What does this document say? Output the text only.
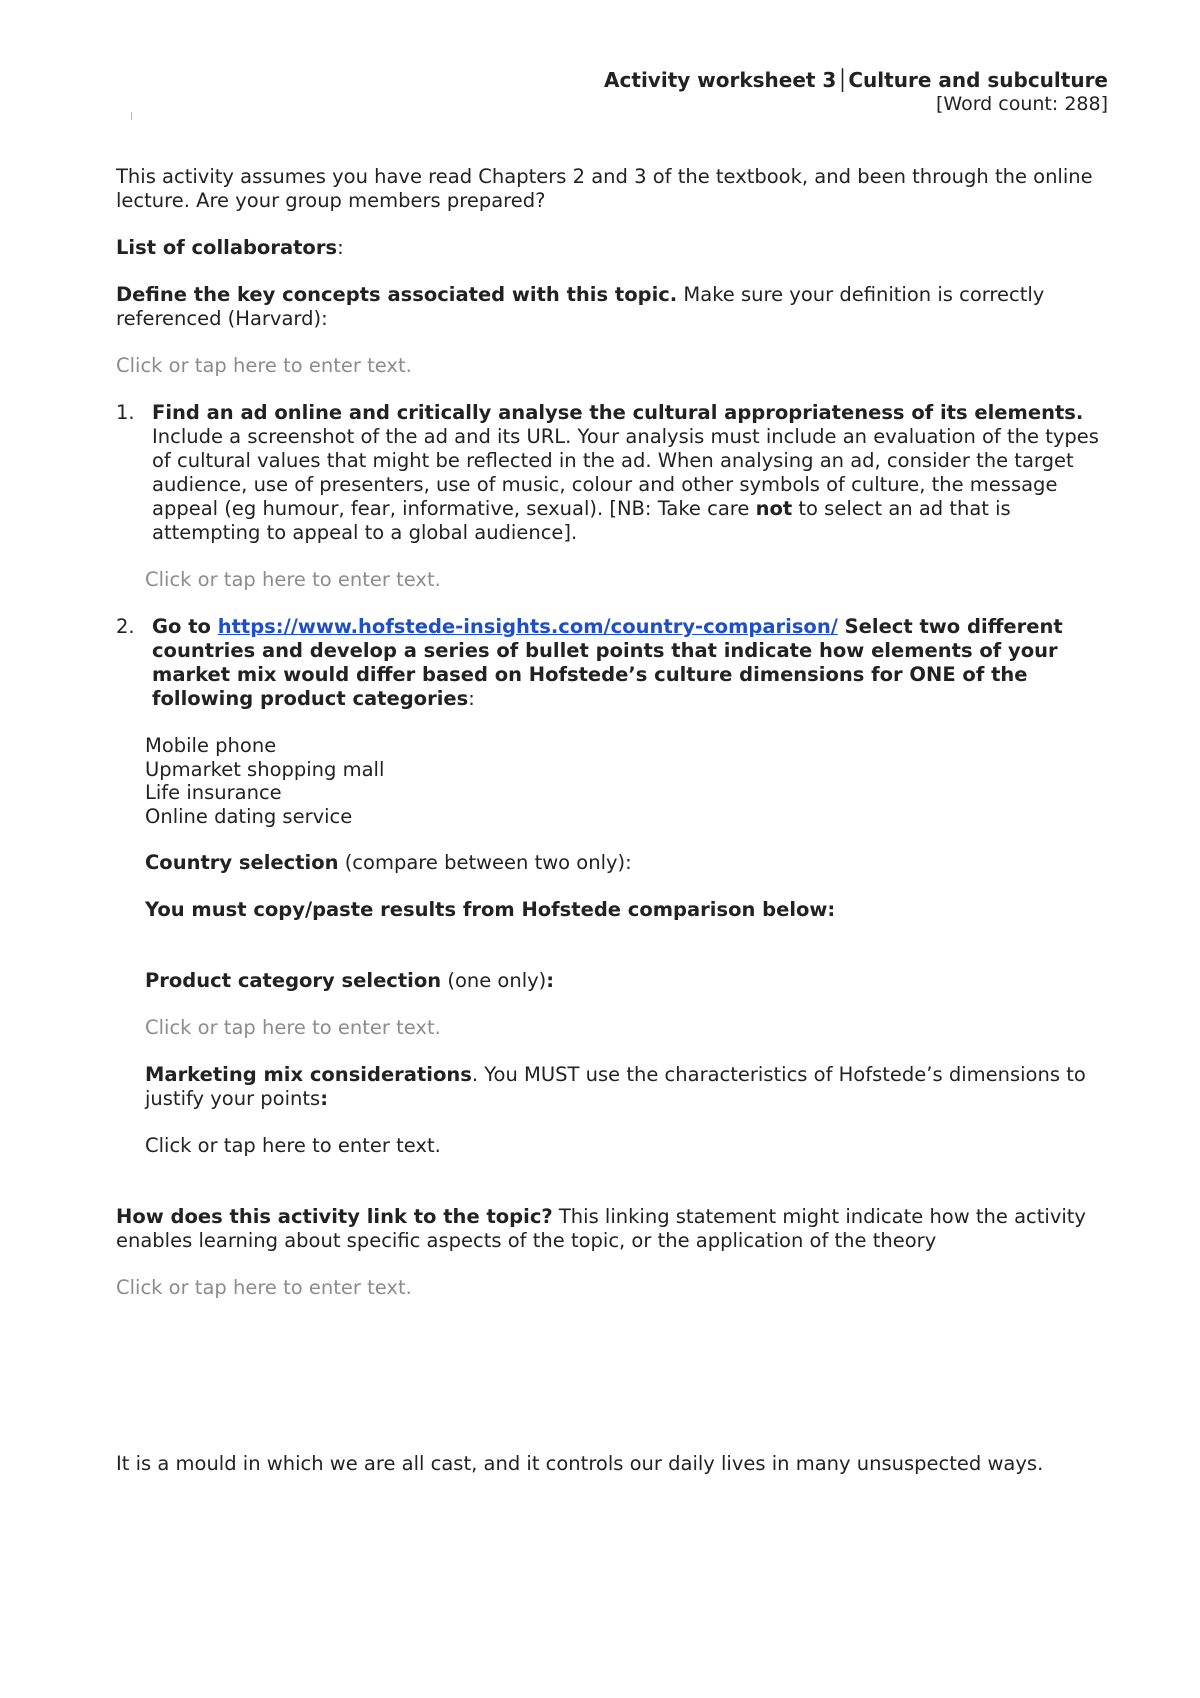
Activity worksheet 3│Culture and subculture
[Word count: 288]

This activity assumes you have read Chapters 2 and 3 of the textbook, and been through the online lecture. Are your group members prepared?

List of collaborators:

Define the key concepts associated with this topic. Make sure your definition is correctly referenced (Harvard):

Click or tap here to enter text.

1. Find an ad online and critically analyse the cultural appropriateness of its elements. Include a screenshot of the ad and its URL. Your analysis must include an evaluation of the types of cultural values that might be reflected in the ad. When analysing an ad, consider the target audience, use of presenters, use of music, colour and other symbols of culture, the message appeal (eg humour, fear, informative, sexual). [NB: Take care not to select an ad that is attempting to appeal to a global audience].

Click or tap here to enter text.

2. Go to https://www.hofstede-insights.com/country-comparison/ Select two different countries and develop a series of bullet points that indicate how elements of your market mix would differ based on Hofstede’s culture dimensions for ONE of the following product categories:

Mobile phone

Upmarket shopping mall

Life insurance

Online dating service

Country selection (compare between two only):

You must copy/paste results from Hofstede comparison below:

Product category selection (one only):

Click or tap here to enter text.

Marketing mix considerations. You MUST use the characteristics of Hofstede’s dimensions to justify your points:

Click or tap here to enter text.

How does this activity link to the topic? This linking statement might indicate how the activity enables learning about specific aspects of the topic, or the application of the theory

Click or tap here to enter text.

It is a mould in which we are all cast, and it controls our daily lives in many unsuspected ways.
